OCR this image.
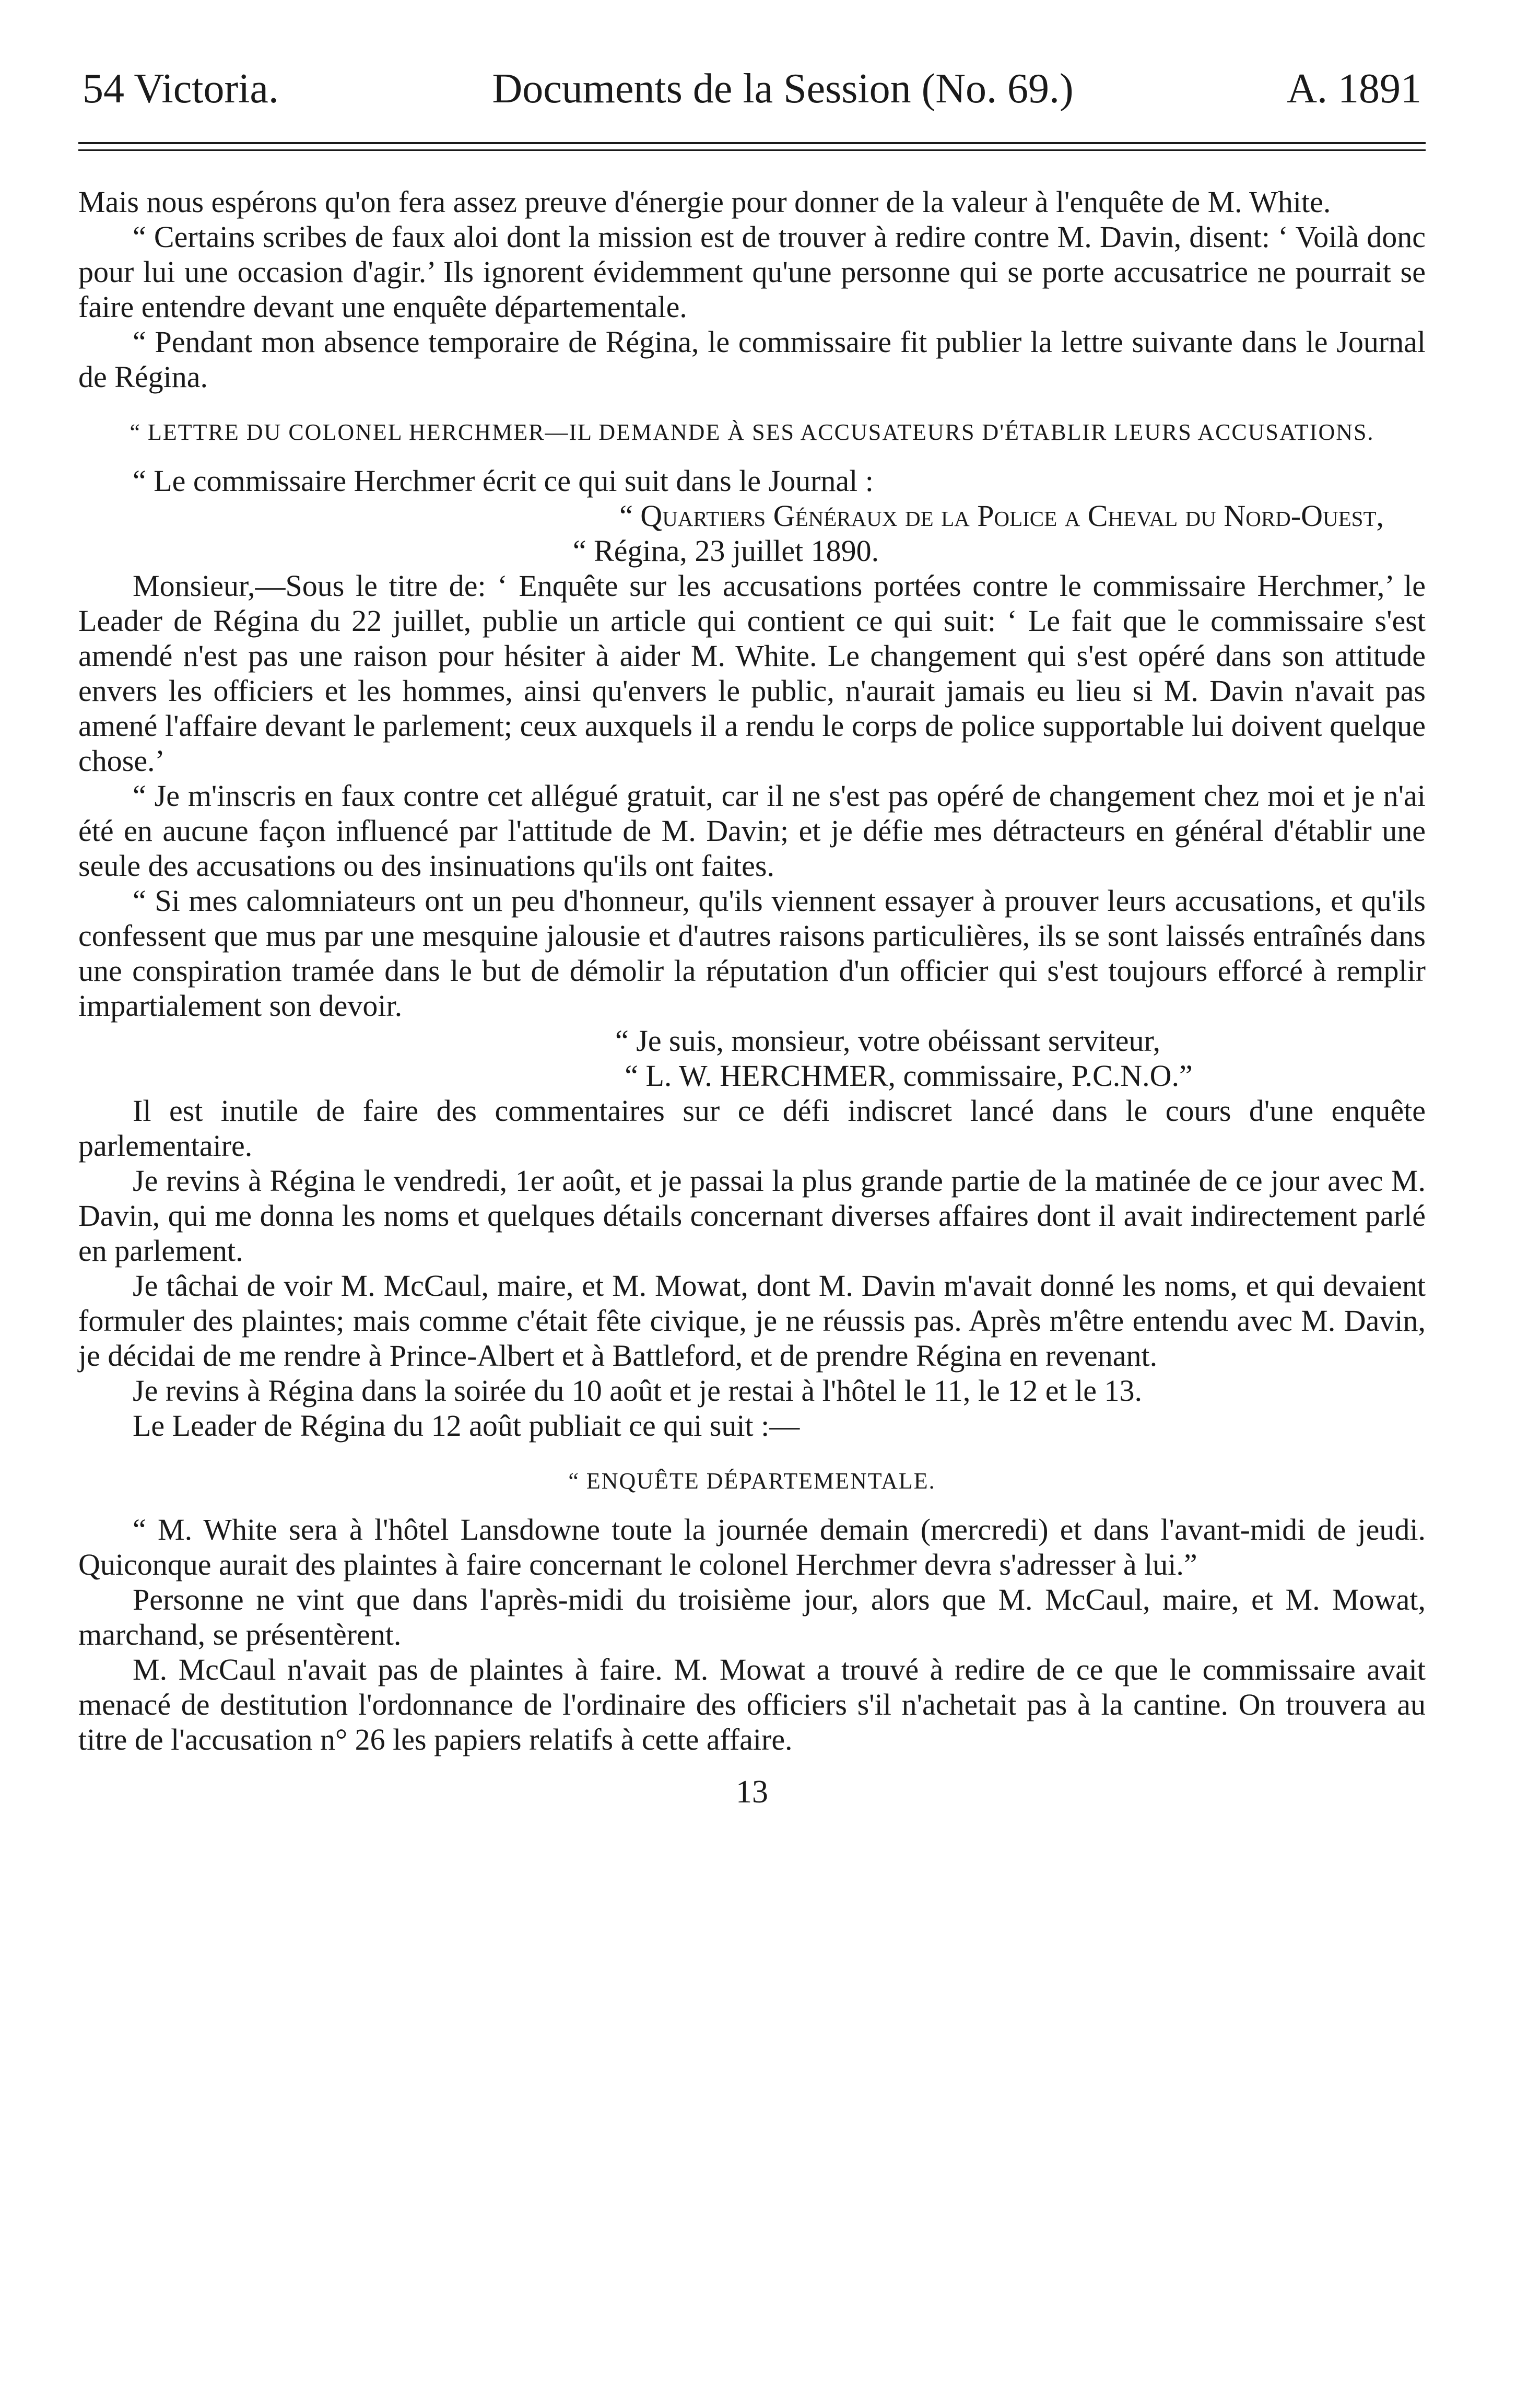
54 Victoria.	Documents de la Session (No. 69.)	A. 1891

Mais nous espérons qu'on fera assez preuve d'énergie pour donner de la valeur à l'enquête de M. White.

“ Certains scribes de faux aloi dont la mission est de trouver à redire contre M. Davin, disent: ‘ Voilà donc pour lui une occasion d'agir.’ Ils ignorent évidemment qu'une personne qui se porte accusatrice ne pourrait se faire entendre devant une enquête départementale.

“ Pendant mon absence temporaire de Régina, le commissaire fit publier la lettre suivante dans le Journal de Régina.

“ LETTRE DU COLONEL HERCHMER—IL DEMANDE À SES ACCUSATEURS D'ÉTABLIR LEURS ACCUSATIONS.

“ Le commissaire Herchmer écrit ce qui suit dans le Journal :

“ Quartiers Généraux de la Police a Cheval du Nord-Ouest,
“ Régina, 23 juillet 1890.

Monsieur,—Sous le titre de: ‘ Enquête sur les accusations portées contre le commissaire Herchmer,’ le Leader de Régina du 22 juillet, publie un article qui contient ce qui suit: ‘ Le fait que le commissaire s'est amendé n'est pas une raison pour hésiter à aider M. White. Le changement qui s'est opéré dans son attitude envers les officiers et les hommes, ainsi qu'envers le public, n'aurait jamais eu lieu si M. Davin n'avait pas amené l'affaire devant le parlement; ceux auxquels il a rendu le corps de police supportable lui doivent quelque chose.’

“ Je m'inscris en faux contre cet allégué gratuit, car il ne s'est pas opéré de changement chez moi et je n'ai été en aucune façon influencé par l'attitude de M. Davin; et je défie mes détracteurs en général d'établir une seule des accusations ou des insinuations qu'ils ont faites.

“ Si mes calomniateurs ont un peu d'honneur, qu'ils viennent essayer à prouver leurs accusations, et qu'ils confessent que mus par une mesquine jalousie et d'autres raisons particulières, ils se sont laissés entraînés dans une conspiration tramée dans le but de démolir la réputation d'un officier qui s'est toujours efforcé à remplir impartialement son devoir.

“ Je suis, monsieur, votre obéissant serviteur,
“ L. W. HERCHMER, commissaire, P.C.N.O.”

Il est inutile de faire des commentaires sur ce défi indiscret lancé dans le cours d'une enquête parlementaire.

Je revins à Régina le vendredi, 1er août, et je passai la plus grande partie de la matinée de ce jour avec M. Davin, qui me donna les noms et quelques détails concernant diverses affaires dont il avait indirectement parlé en parlement.

Je tâchai de voir M. McCaul, maire, et M. Mowat, dont M. Davin m'avait donné les noms, et qui devaient formuler des plaintes; mais comme c'était fête civique, je ne réussis pas. Après m'être entendu avec M. Davin, je décidai de me rendre à Prince-Albert et à Battleford, et de prendre Régina en revenant.

Je revins à Régina dans la soirée du 10 août et je restai à l'hôtel le 11, le 12 et le 13.

Le Leader de Régina du 12 août publiait ce qui suit :—

“ ENQUÊTE DÉPARTEMENTALE.

“ M. White sera à l'hôtel Lansdowne toute la journée demain (mercredi) et dans l'avant-midi de jeudi. Quiconque aurait des plaintes à faire concernant le colonel Herchmer devra s'adresser à lui.”

Personne ne vint que dans l'après-midi du troisième jour, alors que M. McCaul, maire, et M. Mowat, marchand, se présentèrent.

M. McCaul n'avait pas de plaintes à faire. M. Mowat a trouvé à redire de ce que le commissaire avait menacé de destitution l'ordonnance de l'ordinaire des officiers s'il n'achetait pas à la cantine. On trouvera au titre de l'accusation n° 26 les papiers relatifs à cette affaire.

13
